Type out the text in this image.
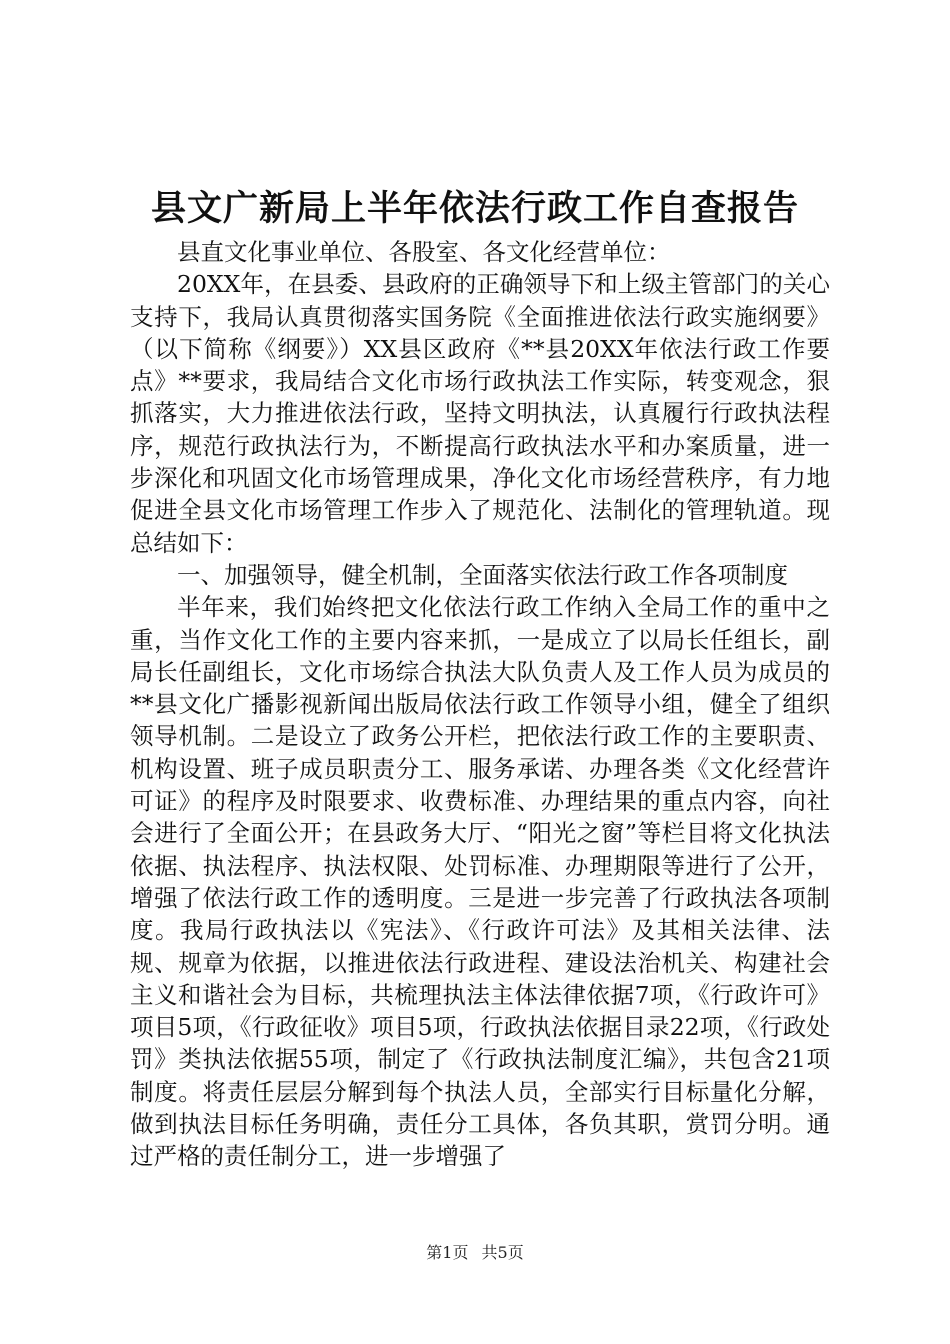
县文广新局上半年依法行政工作自查报告

县直文化事业单位、各股室、各文化经营单位：

20XX年，在县委、县政府的正确领导下和上级主管部门的关心支持下，我局认真贯彻落实国务院《全面推进依法行政实施纲要》（以下简称《纲要》）XX县区政府《**县20XX年依法行政工作要点》**要求，我局结合文化市场行政执法工作实际，转变观念，狠抓落实，大力推进依法行政，坚持文明执法，认真履行行政执法程序，规范行政执法行为，不断提高行政执法水平和办案质量，进一步深化和巩固文化市场管理成果，净化文化市场经营秩序，有力地促进全县文化市场管理工作步入了规范化、法制化的管理轨道。现总结如下：

一、加强领导，健全机制，全面落实依法行政工作各项制度

半年来，我们始终把文化依法行政工作纳入全局工作的重中之重，当作文化工作的主要内容来抓，一是成立了以局长任组长，副局长任副组长，文化市场综合执法大队负责人及工作人员为成员的**县文化广播影视新闻出版局依法行政工作领导小组，健全了组织领导机制。二是设立了政务公开栏，把依法行政工作的主要职责、机构设置、班子成员职责分工、服务承诺、办理各类《文化经营许可证》的程序及时限要求、收费标准、办理结果的重点内容，向社会进行了全面公开；在县政务大厅、“阳光之窗”等栏目将文化执法依据、执法程序、执法权限、处罚标准、办理期限等进行了公开，增强了依法行政工作的透明度。三是进一步完善了行政执法各项制度。我局行政执法以《宪法》、《行政许可法》及其相关法律、法规、规章为依据，以推进依法行政进程、建设法治机关、构建社会主义和谐社会为目标，共梳理执法主体法律依据7项，《行政许可》项目5项，《行政征收》项目5项，行政执法依据目录22项，《行政处罚》类执法依据55项，制定了《行政执法制度汇编》，共包含21项制度。将责任层层分解到每个执法人员，全部实行目标量化分解，做到执法目标任务明确，责任分工具体，各负其职，赏罚分明。通过严格的责任制分工，进一步增强了

第1页 共5页
